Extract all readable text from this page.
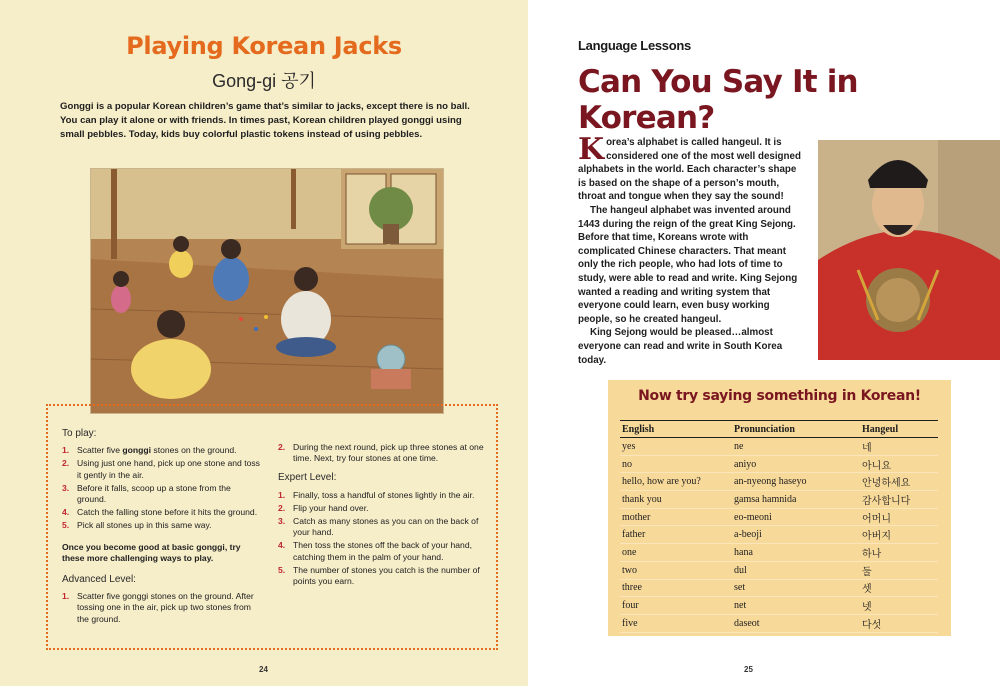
Playing Korean Jacks
Gong-gi 공기
Gonggi is a popular Korean children’s game that’s similar to jacks, except there is no ball. You can play it alone or with friends. In times past, Korean children played gonggi using small pebbles. Today, kids buy colorful plastic tokens instead of using pebbles.
To play:
1. Scatter five gonggi stones on the ground.
2. Using just one hand, pick up one stone and toss it gently in the air.
3. Before it falls, scoop up a stone from the ground.
4. Catch the falling stone before it hits the ground.
5. Pick all stones up in this same way.
Once you become good at basic gonggi, try these more challenging ways to play.
Advanced Level:
1. Scatter five gonggi stones on the ground. After tossing one in the air, pick up two stones from the ground.
2. During the next round, pick up three stones at one time. Next, try four stones at one time.
Expert Level:
1. Finally, toss a handful of stones lightly in the air.
2. Flip your hand over.
3. Catch as many stones as you can on the back of your hand.
4. Then toss the stones off the back of your hand, catching them in the palm of your hand.
5. The number of stones you catch is the number of points you earn.
24
Language Lessons
Can You Say It in Korean?

Korea’s alphabet is called hangeul. It is considered one of the most well designed alphabets in the world. Each character’s shape is based on the shape of a person’s mouth, throat and tongue when they say the sound!

The hangeul alphabet was invented around 1443 during the reign of the great King Sejong. Before that time, Koreans wrote with complicated Chinese characters. That meant only the rich people, who had lots of time to study, were able to read and write. King Sejong wanted a reading and writing system that everyone could learn, even busy working people, so he created hangeul.

King Sejong would be pleased…almost everyone can read and write in South Korea today.

Now try saying something in Korean!
English	Pronunciation	Hangeul
yes	ne	네
no	aniyo	아니요
hello, how are you?	an-nyeong haseyo	안녕하세요
thank you	gamsa hamnida	감사합니다
mother	eo-meoni	어머니
father	a-beoji	아버지
one	hana	하나
two	dul	둘
three	set	셋
four	net	넷
five	daseot	다섯
25
